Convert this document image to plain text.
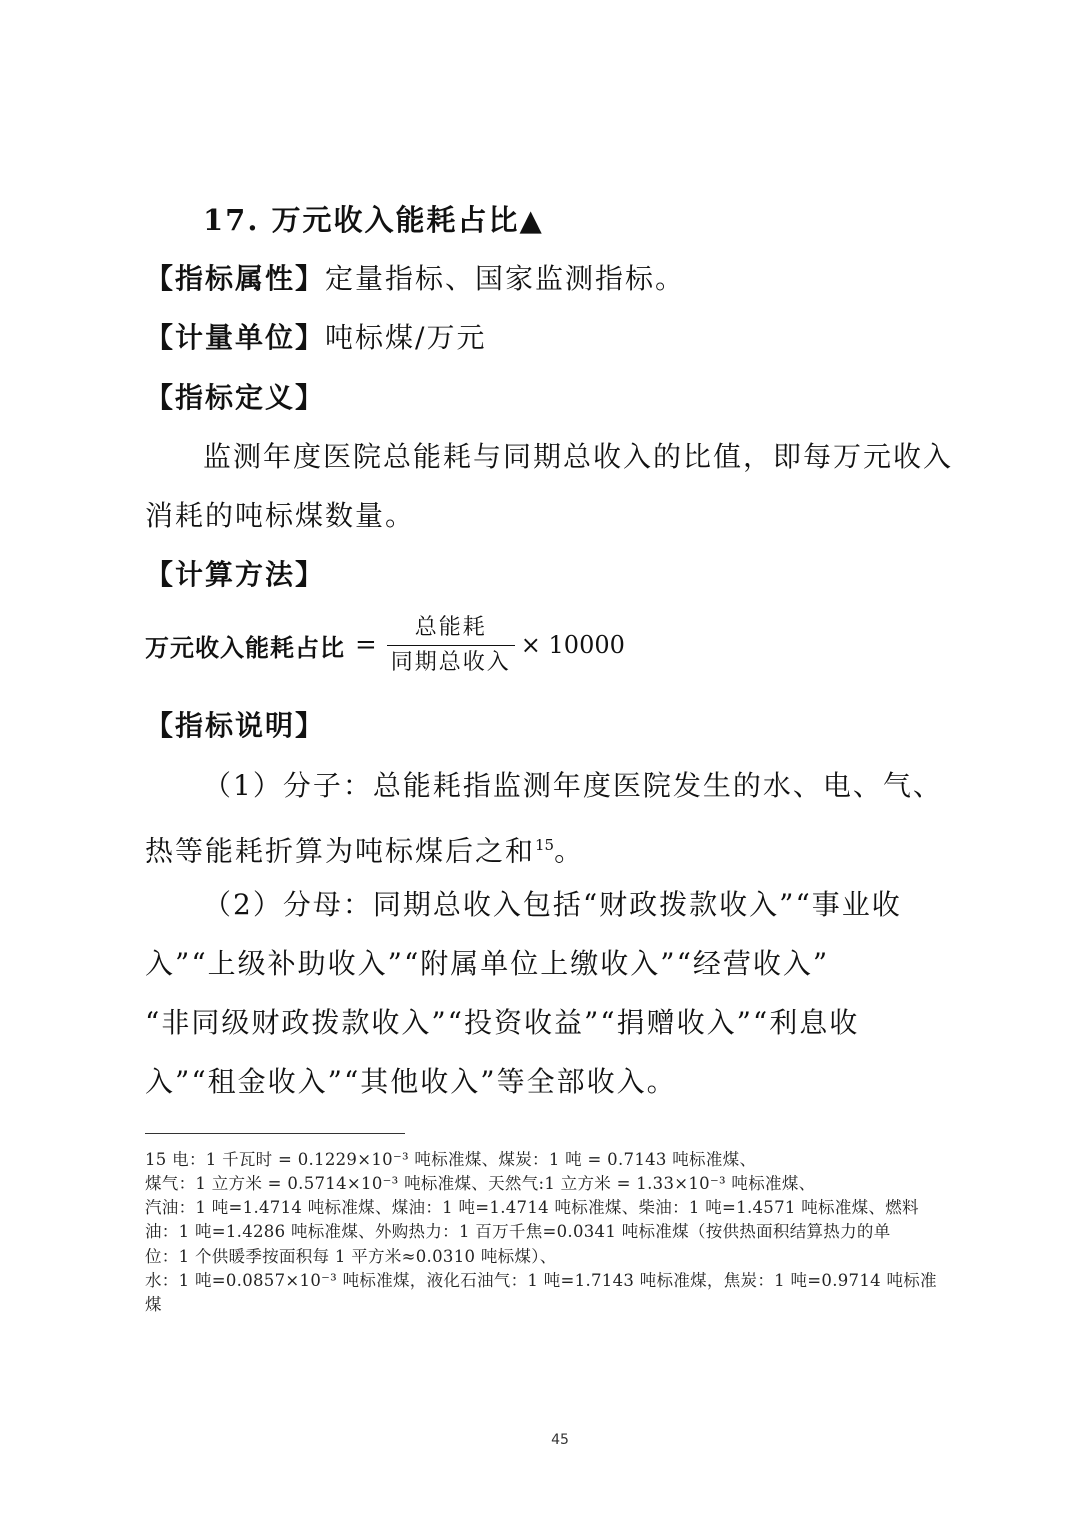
17. 万元收入能耗占比▲
【指标属性】定量指标、国家监测指标。
【计量单位】吨标煤/万元
【指标定义】
监测年度医院总能耗与同期总收入的比值，即每万元收入
消耗的吨标煤数量。
【计算方法】
万元收入能耗占比 = $\frac{\text{总能耗}}{\text{同期总收入}} \times 10000$
【指标说明】
（1）分子：总能耗指监测年度医院发生的水、电、气、
热等能耗折算为吨标煤后之和$^{15}$。
（2）分母：同期总收入包括“财政拨款收入”“事业收
入”“上级补助收入”“附属单位上缴收入”“经营收入”
“非同级财政拨款收入”“投资收益”“捐赠收入”“利息收
入”“租金收入”“其他收入”等全部收入。
15 电：1 千瓦时 = 0.1229×10⁻³ 吨标准煤、煤炭：1 吨 = 0.7143 吨标准煤、
煤气：1 立方米 = 0.5714×10⁻³ 吨标准煤、天然气:1 立方米 = 1.33×10⁻³ 吨标准煤、
汽油：1 吨=1.4714 吨标准煤、煤油：1 吨=1.4714 吨标准煤、柴油：1 吨=1.4571 吨标准煤、燃料
油：1 吨=1.4286 吨标准煤、外购热力：1 百万千焦=0.0341 吨标准煤（按供热面积结算热力的单
位：1 个供暖季按面积每 1 平方米≈0.0310 吨标煤）、
水：1 吨=0.0857×10⁻³ 吨标准煤，液化石油气：1 吨=1.7143 吨标准煤，焦炭：1 吨=0.9714 吨标准
煤
45
